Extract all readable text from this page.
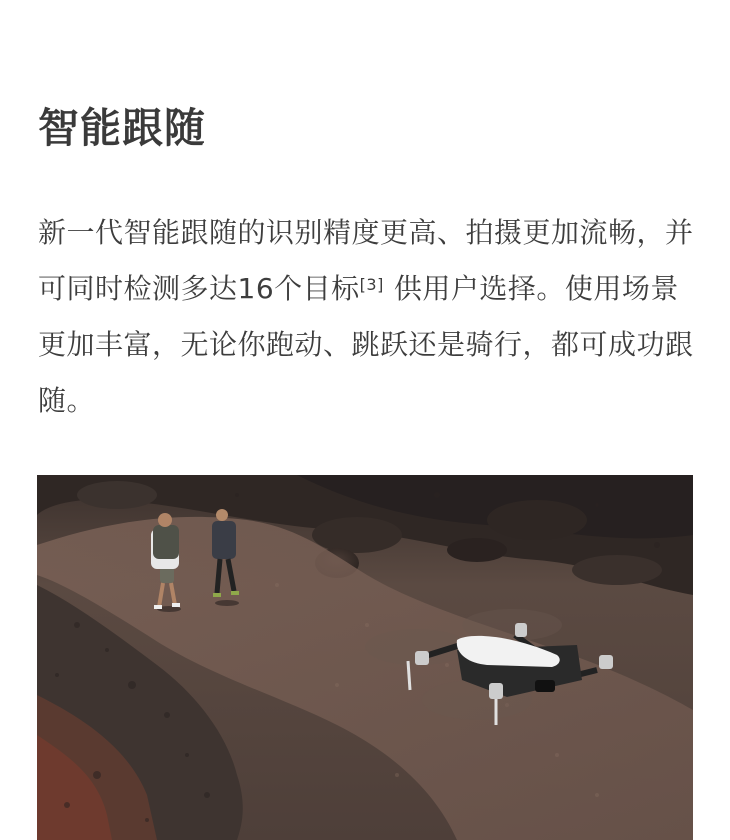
智能跟随

新一代智能跟随的识别精度更高、拍摄更加流畅，并可同时检测多达16个目标[3] 供用户选择。使用场景更加丰富，无论你跑动、跳跃还是骑行，都可成功跟随。
